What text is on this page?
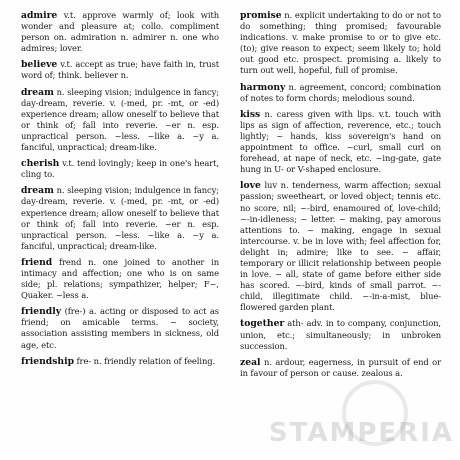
admire v.t. approve warmly of; look with wonder and pleasure at; collo. compliment person on. admiration n. admirer n. one who admires; lover.
believe v.t. accept as true; have faith in, trust word of; think. believer n.
dream n. sleeping vision; indulgence in fancy; day-dream, reverie. v. (-med, pr. -mt, or -ed) experience dream; allow oneself to believe that or think of; fall into reverie. ~er n. esp. unpractical person. ~less. ~like a. ~y a. fanciful, unpractical; dream-like.
cherish v.t. tend lovingly; keep in one's heart, cling to.
dream n. sleeping vision; indulgence in fancy; day-dream, reverie. v. (-med, pr. -mt, or -ed) experience dream; allow oneself to believe that or think of; fall into reverie. ~er n. esp. unpractical person. ~less. ~like a. ~y a. fanciful, unpractical; dream-like.
friend frend n. one joined to another in intimacy and affection; one who is on same side; pl. relations; sympathizer, helper; F~, Quaker. ~less a.
friendly (fre-) a. acting or disposed to act as friend; on amicable terms. ~ society, association assisting members in sickness, old age, etc.
friendship fre- n. friendly relation of feeling.
promise n. explicit undertaking to do or not to do something; thing promised; favourable indications. v. make promise to or to give etc. (to); give reason to expect; seem likely to; hold out good etc. prospect. promising a. likely to turn out well, hopeful, full of promise.
harmony n. agreement, concord; combination of notes to form chords; melodious sound.
kiss n. caress given with lips. v.t. touch with lips as sign of affection, reverence, etc.; touch lightly; ~ hands, kiss sovereign's hand on appointment to office. ~curl, small curl on forehead, at nape of neck, etc. ~ing-gate, gate hung in U- or V-shaped enclosure.
love luv n. tenderness, warm affection; sexual passion; sweetheart, or loved object; tennis etc. no score, nil; ~-bird, enamoured of, love-child; ~-in-idleness; ~ letter. ~ making, pay amorous attentions to. ~ making, engage in sexual intercourse. v. be in love with; feel affection for, delight in; admire; like to see. ~ affair, temporary or illicit relationship between people in love. ~ all, state of game before either side has scored. ~-bird, kinds of small parrot. ~-child, illegitimate child. ~-in-a-mist, blue-flowered garden plant.
together ath- adv. in to company, conjunction, union, etc.; simultaneously; in unbroken succession.
zeal n. ardour, eagerness, in pursuit of end or in favour of person or cause. zealous a.
STAMPERIA
